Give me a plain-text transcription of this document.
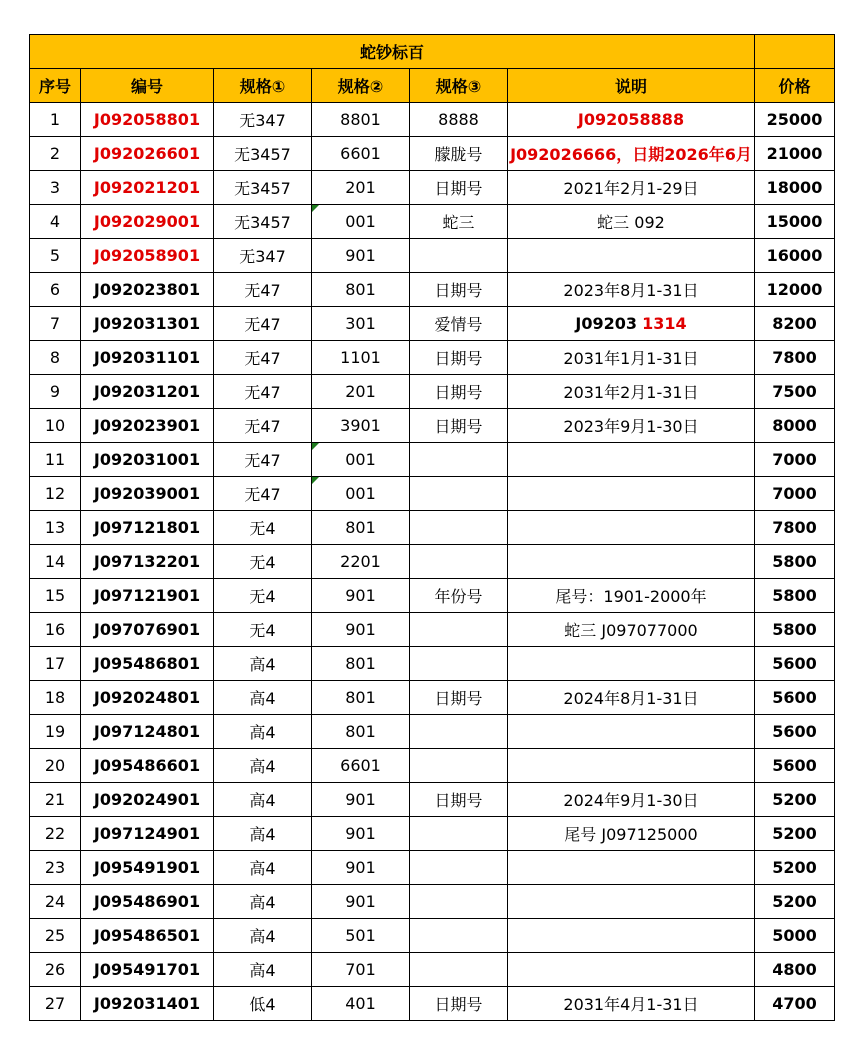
蛇钞标百						
序号	编号	规格①	规格②	规格③	说明	价格
1	J092058801	无347	8801	8888	J092058888	25000
2	J092026601	无3457	6601	朦胧号	J092026666，日期2026年6月	21000
3	J092021201	无3457	201	日期号	2021年2月1-29日	18000
4	J092029001	无3457	001	蛇三	蛇三 092	15000
5	J092058901	无347	901			16000
6	J092023801	无47	801	日期号	2023年8月1-31日	12000
7	J092031301	无47	301	爱情号	J09203 1314	8200
8	J092031101	无47	1101	日期号	2031年1月1-31日	7800
9	J092031201	无47	201	日期号	2031年2月1-31日	7500
10	J092023901	无47	3901	日期号	2023年9月1-30日	8000
11	J092031001	无47	001			7000
12	J092039001	无47	001			7000
13	J097121801	无4	801			7800
14	J097132201	无4	2201			5800
15	J097121901	无4	901	年份号	尾号：1901-2000年	5800
16	J097076901	无4	901		蛇三 J097077000	5800
17	J095486801	高4	801			5600
18	J092024801	高4	801	日期号	2024年8月1-31日	5600
19	J097124801	高4	801			5600
20	J095486601	高4	6601			5600
21	J092024901	高4	901	日期号	2024年9月1-30日	5200
22	J097124901	高4	901		尾号 J097125000	5200
23	J095491901	高4	901			5200
24	J095486901	高4	901			5200
25	J095486501	高4	501			5000
26	J095491701	高4	701			4800
27	J092031401	低4	401	日期号	2031年4月1-31日	4700
